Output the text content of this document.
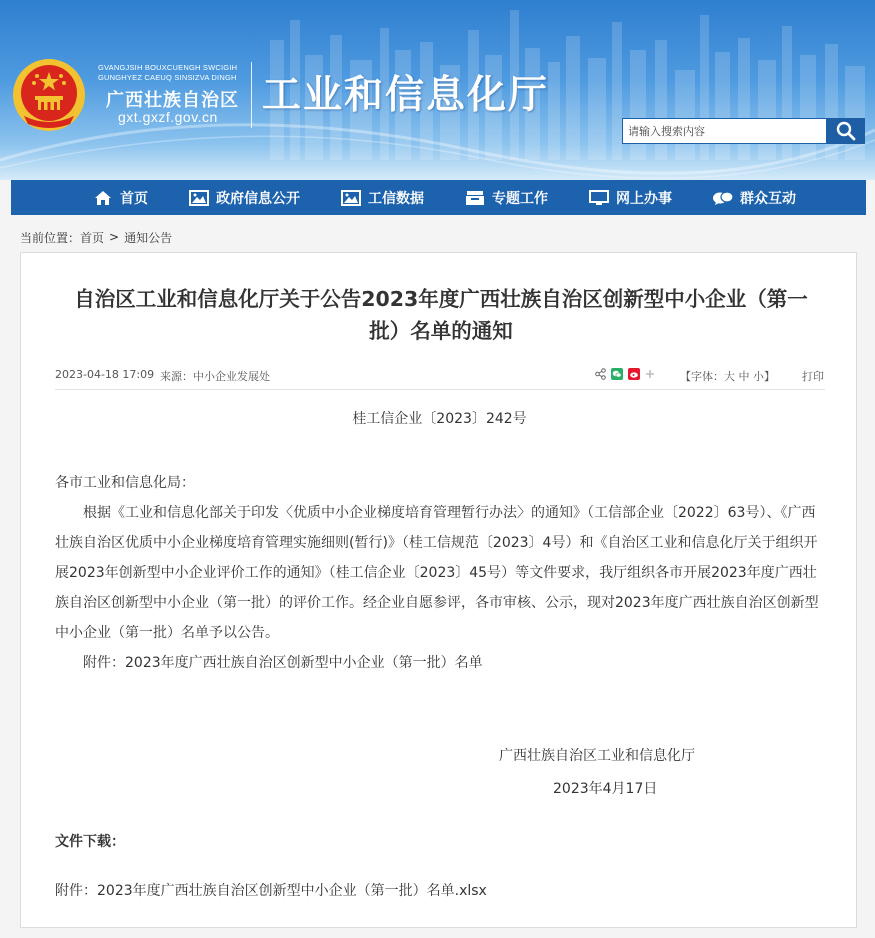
GVANGJSIH BOUXCUENGH SWCIGIH
GUNGHYEZ CAEUQ SINSIZVA DINGH
广西壮族自治区
gxt.gxzf.gov.cn 工业和信息化厅
请输入搜索内容
首页	政府信息公开	工信数据	专题工作	网上办事	群众互动
当前位置： 首页 > 通知公告
自治区工业和信息化厅关于公告2023年度广西壮族自治区创新型中小企业（第一
批）名单的通知
2023-04-18 17:09 来源：中小企业发展处	【字体：大 中 小】 打印
桂工信企业〔2023〕242号

各市工业和信息化局：

根据《工业和信息化部关于印发〈优质中小企业梯度培育管理暂行办法〉的通知》（工信部企业〔2022〕63号）、《广西壮族自治区优质中小企业梯度培育管理实施细则(暂行)》（桂工信规范〔2023〕4号）和《自治区工业和信息化厅关于组织开展2023年创新型中小企业评价工作的通知》（桂工信企业〔2023〕45号）等文件要求，我厅组织各市开展2023年度广西壮族自治区创新型中小企业（第一批）的评价工作。经企业自愿参评，各市审核、公示，现对2023年度广西壮族自治区创新型中小企业（第一批）名单予以公告。

附件：2023年度广西壮族自治区创新型中小企业（第一批）名单

广西壮族自治区工业和信息化厅
2023年4月17日
文件下载：
附件：2023年度广西壮族自治区创新型中小企业（第一批）名单.xlsx
